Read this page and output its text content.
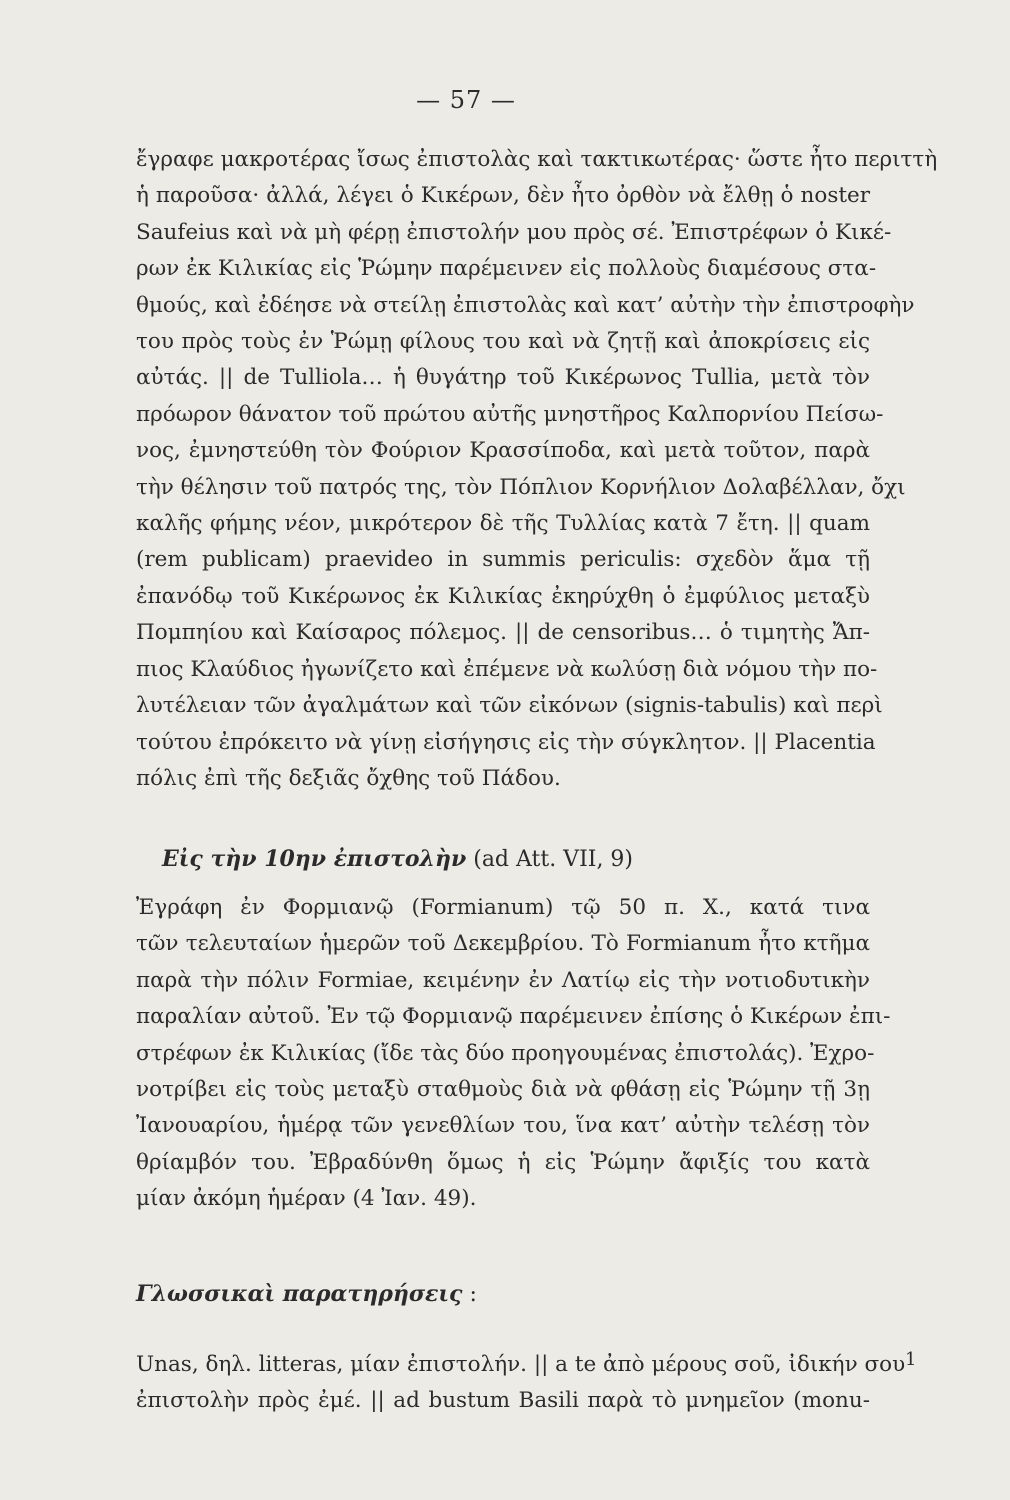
— 57 —
ἔγραφε μακροτέρας ἴσως ἐπιστολὰς καὶ τακτικωτέρας· ὥστε ἦτο περιττὴ
ἡ παροῦσα· ἀλλά, λέγει ὁ Κικέρων, δὲν ἦτο ὀρθὸν νὰ ἔλθῃ ὁ noster
Saufeius καὶ νὰ μὴ φέρῃ ἐπιστολήν μου πρὸς σέ. Ἐπιστρέφων ὁ Κικέ-
ρων ἐκ Κιλικίας εἰς Ῥώμην παρέμεινεν εἰς πολλοὺς διαμέσους στα-
θμούς, καὶ ἐδέησε νὰ στείλῃ ἐπιστολὰς καὶ κατ’ αὐτὴν τὴν ἐπιστροφὴν
του πρὸς τοὺς ἐν Ῥώμῃ φίλους του καὶ νὰ ζητῇ καὶ ἀποκρίσεις εἰς
αὐτάς. || de Tulliola… ἡ θυγάτηρ τοῦ Κικέρωνος Tullia, μετὰ τὸν
πρόωρον θάνατον τοῦ πρώτου αὐτῆς μνηστῆρος Καλπορνίου Πείσω-
νος, ἐμνηστεύθη τὸν Φούριον Κρασσίποδα, καὶ μετὰ τοῦτον, παρὰ
τὴν θέλησιν τοῦ πατρός της, τὸν Πόπλιον Κορνήλιον Δολαβέλλαν, ὄχι
καλῆς φήμης νέον, μικρότερον δὲ τῆς Τυλλίας κατὰ 7 ἔτη. || quam
(rem publicam) praevideo in summis periculis: σχεδὸν ἅμα τῇ
ἐπανόδῳ τοῦ Κικέρωνος ἐκ Κιλικίας ἐκηρύχθη ὁ ἐμφύλιος μεταξὺ
Πομπηίου καὶ Καίσαρος πόλεμος. || de censoribus… ὁ τιμητὴς Ἄπ-
πιος Κλαύδιος ἠγωνίζετο καὶ ἐπέμενε νὰ κωλύσῃ διὰ νόμου τὴν πο-
λυτέλειαν τῶν ἀγαλμάτων καὶ τῶν εἰκόνων (signis-tabulis) καὶ περὶ
τούτου ἐπρόκειτο νὰ γίνῃ εἰσήγησις εἰς τὴν σύγκλητον. || Placentia
πόλις ἐπὶ τῆς δεξιᾶς ὄχθης τοῦ Πάδου.
Εἰς τὴν 10ην ἐπιστολὴν (ad Att. VII, 9)
Ἐγράφη ἐν Φορμιανῷ (Formianum) τῷ 50 π. Χ., κατά τινα
τῶν τελευταίων ἡμερῶν τοῦ Δεκεμβρίου. Τὸ Formianum ἦτο κτῆμα
παρὰ τὴν πόλιν Formiae, κειμένην ἐν Λατίῳ εἰς τὴν νοτιοδυτικὴν
παραλίαν αὐτοῦ. Ἐν τῷ Φορμιανῷ παρέμεινεν ἐπίσης ὁ Κικέρων ἐπι-
στρέφων ἐκ Κιλικίας (ἴδε τὰς δύο προηγουμένας ἐπιστολάς). Ἐχρο-
νοτρίβει εἰς τοὺς μεταξὺ σταθμοὺς διὰ νὰ φθάσῃ εἰς Ῥώμην τῇ 3ῃ
Ἰανουαρίου, ἡμέρᾳ τῶν γενεθλίων του, ἵνα κατ’ αὐτὴν τελέσῃ τὸν
θρίαμβόν του. Ἐβραδύνθη ὅμως ἡ εἰς Ῥώμην ἄφιξίς του κατὰ
μίαν ἀκόμη ἡμέραν (4 Ἰαν. 49).
Γλωσσικαὶ παρατηρήσεις :
Unas, δηλ. litteras, μίαν ἐπιστολήν. || a te ἀπὸ μέρους σοῦ, ἰδικήν σου
ἐπιστολὴν πρὸς ἐμέ. || ad bustum Basili παρὰ τὸ μνημεῖον (monu-
1
